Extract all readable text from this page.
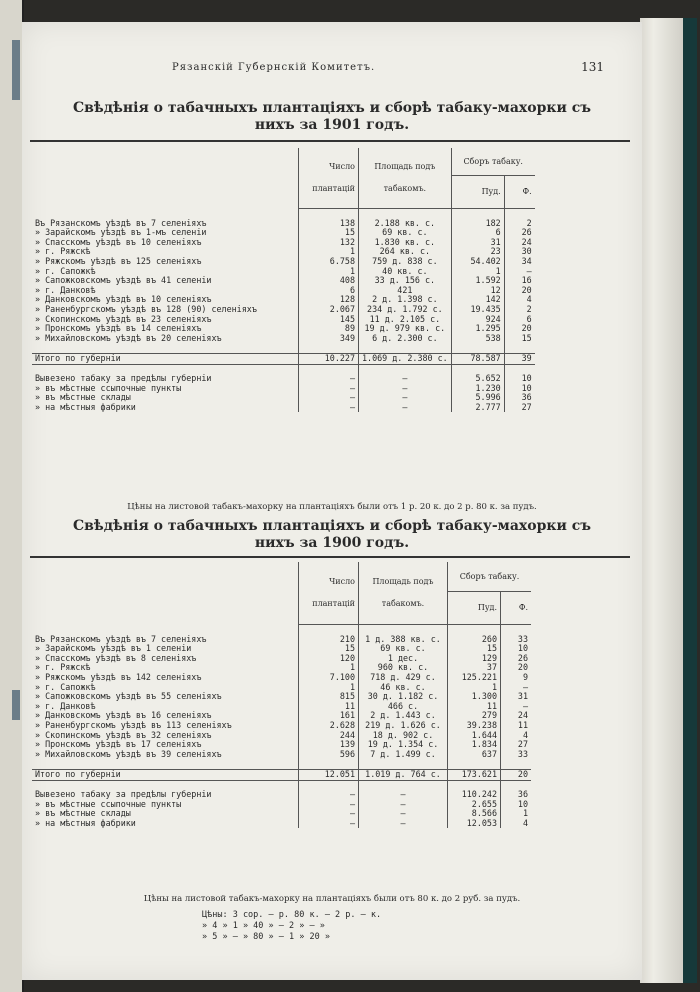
Рязанскій Губернскій Комитетъ.	131
Свѣдѣнія о табачныхъ плантаціяхъ и сборѣ табаку-махорки съ
нихъ за 1901 годъ.
	Число плантацій	Площадь подъ табакомъ.	Сборъ табаку.	
			Пуд.	Ф.

Въ Рязанскомъ уѣздѣ въ 7 селеніяхъ	138	2.188 кв. с.	182	2
» Зарайскомъ уѣздѣ въ 1-мъ селеніи	15	69 кв. с.	6	26
» Спасскомъ уѣздѣ въ 10 селеніяхъ	132	1.830 кв. с.	31	24
» г. Ряжскѣ	1	264 кв. с.	23	30
» Ряжскомъ уѣздѣ въ 125 селеніяхъ	6.758	759 д. 838 с.	54.402	34
» г. Сапожкѣ	1	40 кв. с.	1	—
» Сапожковскомъ уѣздѣ въ 41 селеніи	408	33 д. 156 с.	1.592	16
» г. Данковѣ	6	421	12	20
» Данковскомъ уѣздѣ въ 10 селеніяхъ	128	2 д. 1.398 с.	142	4
» Раненбургскомъ уѣздѣ въ 128 (90) селеніяхъ	2.067	234 д. 1.792 с.	19.435	2
» Скопинскомъ уѣздѣ въ 23 селеніяхъ	145	11 д. 2.105 с.	924	6
» Пронскомъ уѣздѣ въ 14 селеніяхъ	89	19 д. 979 кв. с.	1.295	20
» Михайловскомъ уѣздѣ въ 20 селеніяхъ	349	6 д. 2.300 с.	538	15

Итого по губерніи	10.227	1.069 д. 2.380 с.	78.587	39

Вывезено табаку за предѣлы губерніи	—	—	5.652	10
» въ мѣстные ссыпочные пункты	—	—	1.230	10
» въ мѣстные склады	—	—	5.996	36
» на мѣстныя фабрики	—	—	2.777	27
Цѣны на листовой табакъ-махорку на плантаціяхъ были отъ 1 р. 20 к. до 2 р. 80 к. за пудъ.
Свѣдѣнія о табачныхъ плантаціяхъ и сборѣ табаку-махорки съ
нихъ за 1900 годъ.
	Число плантацій	Площадь подъ табакомъ.	Сборъ табаку.	
			Пуд.	Ф.

Въ Рязанскомъ уѣздѣ въ 7 селеніяхъ	210	1 д. 388 кв. с.	260	33
» Зарайскомъ уѣздѣ въ 1 селеніи	15	69 кв. с.	15	10
» Спасскомъ уѣздѣ въ 8 селеніяхъ	120	1 дес.	129	26
» г. Ряжскѣ	1	960 кв. с.	37	20
» Ряжскомъ уѣздѣ въ 142 селеніяхъ	7.100	718 д. 429 с.	125.221	9
» г. Сапожкѣ	1	46 кв. с.	1	—
» Сапожковскомъ уѣздѣ въ 55 селеніяхъ	815	30 д. 1.182 с.	1.300	31
» г. Данковѣ	11	466 с.	11	—
» Данковскомъ уѣздѣ въ 16 селеніяхъ	161	2 д. 1.443 с.	279	24
» Раненбургскомъ уѣздѣ въ 113 селеніяхъ	2.628	219 д. 1.626 с.	39.238	11
» Скопинскомъ уѣздѣ въ 32 селеніяхъ	244	18 д. 902 с.	1.644	4
» Пронскомъ уѣздѣ въ 17 селеніяхъ	139	19 д. 1.354 с.	1.834	27
» Михайловскомъ уѣздѣ въ 39 селеніяхъ	596	7 д. 1.499 с.	637	33

Итого по губерніи	12.051	1.019 д. 764 с.	173.621	20

Вывезено табаку за предѣлы губерніи	—	—	110.242	36
» въ мѣстные ссыпочные пункты	—	—	2.655	10
» въ мѣстные склады	—	—	8.566	1
» на мѣстныя фабрики	—	—	12.053	4
Цѣны на листовой табакъ-махорку на плантаціяхъ были отъ 80 к. до 2 руб. за пудъ.
Цѣны: 3 сор. — р. 80 к. — 2 р. — к.
» 4 » 1 » 40 » — 2 » — »
» 5 » — » 80 » — 1 » 20 »
